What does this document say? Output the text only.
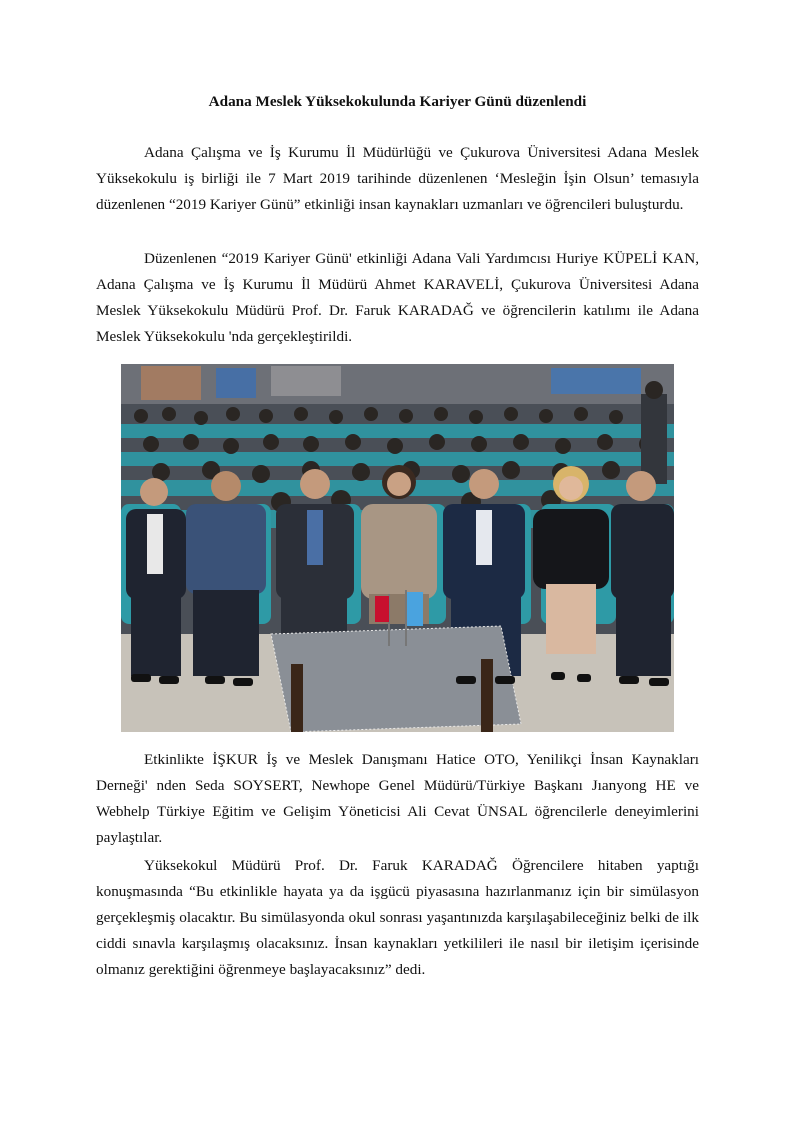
Adana Meslek Yüksekokulunda Kariyer Günü düzenlendi

Adana Çalışma ve İş Kurumu İl Müdürlüğü ve Çukurova Üniversitesi Adana Meslek Yüksekokulu iş birliği ile 7 Mart 2019 tarihinde düzenlenen ‘Mesleğin İşin Olsun’ temasıyla düzenlenen “2019 Kariyer Günü” etkinliği insan kaynakları uzmanları ve öğrencileri buluşturdu.

Düzenlenen “2019 Kariyer Günü' etkinliği Adana Vali Yardımcısı Huriye KÜPELİ KAN, Adana Çalışma ve İş Kurumu İl Müdürü Ahmet KARAVELİ, Çukurova Üniversitesi Adana Meslek Yüksekokulu Müdürü Prof. Dr. Faruk KARADAĞ ve öğrencilerin katılımı ile Adana Meslek Yüksekokulu 'nda gerçekleştirildi.

Etkinlikte İŞKUR İş ve Meslek Danışmanı Hatice OTO, Yenilikçi İnsan Kaynakları Derneği' nden Seda SOYSERT, Newhope Genel Müdürü/Türkiye Başkanı Jıanyong HE ve Webhelp Türkiye Eğitim ve Gelişim Yöneticisi Ali Cevat ÜNSAL öğrencilerle deneyimlerini paylaştılar.

Yüksekokul Müdürü Prof. Dr. Faruk KARADAĞ Öğrencilere hitaben yaptığı konuşmasında “Bu etkinlikle hayata ya da işgücü piyasasına hazırlanmanız için bir simülasyon gerçekleşmiş olacaktır. Bu simülasyonda okul sonrası yaşantınızda karşılaşabileceğiniz belki de ilk ciddi sınavla karşılaşmış olacaksınız. İnsan kaynakları yetkilileri ile nasıl bir iletişim içerisinde olmanız gerektiğini öğrenmeye başlayacaksınız” dedi.
